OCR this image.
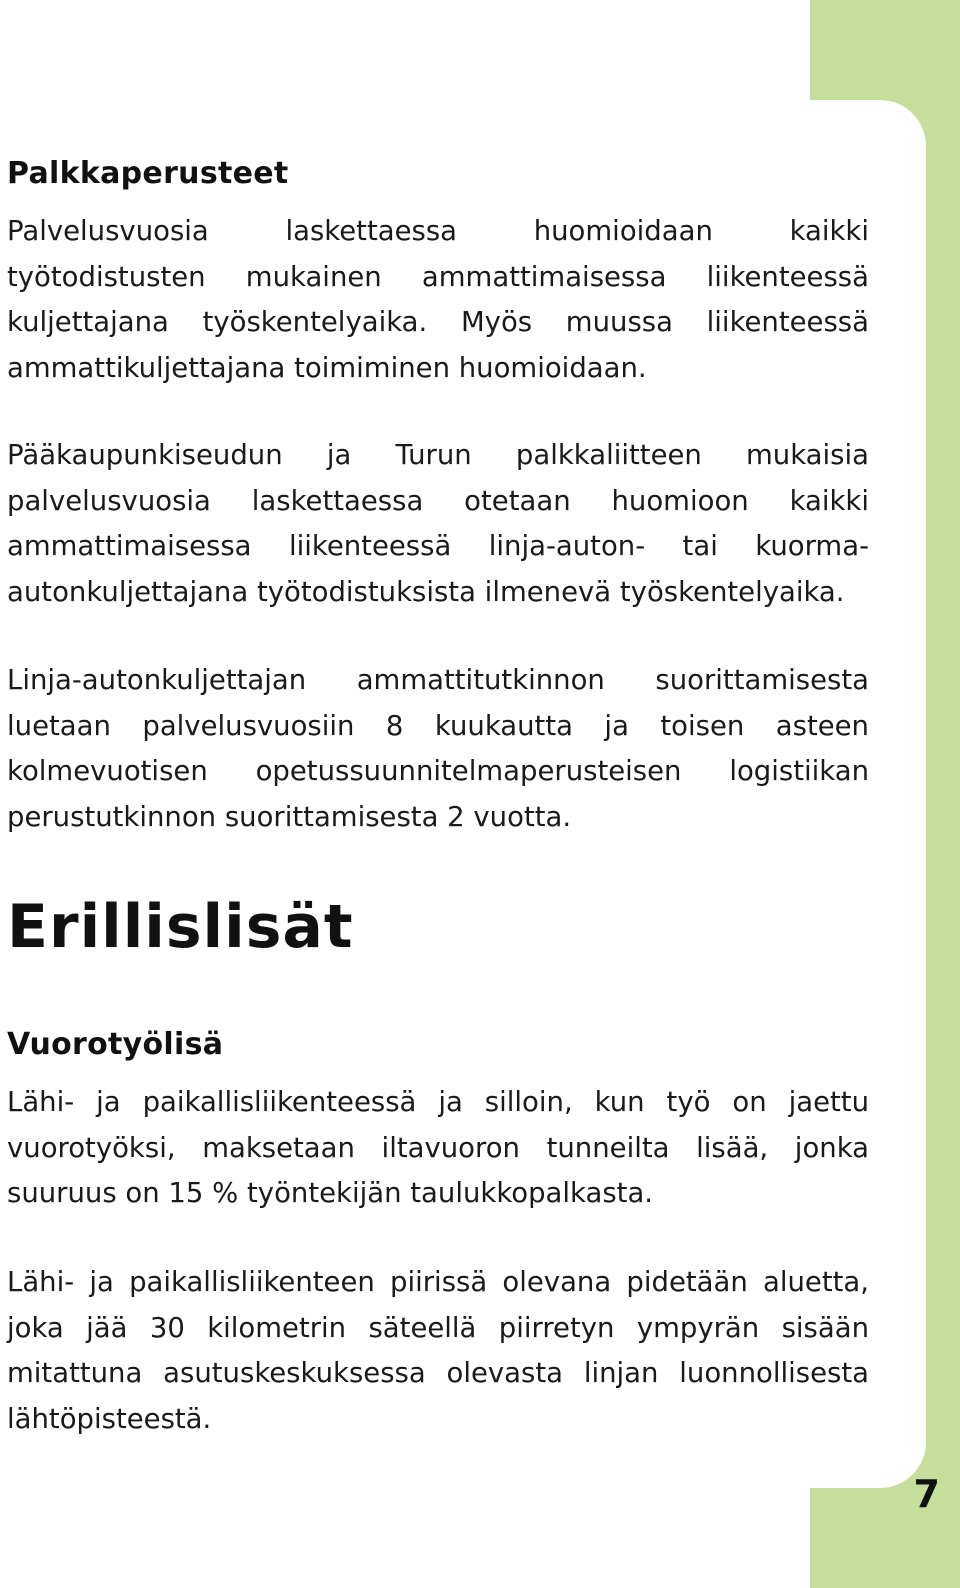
Palkkaperusteet

Palvelusvuosia laskettaessa huomioidaan kaikki työtodistusten mukainen ammattimaisessa liikenteessä kuljettajana työskentelyaika. Myös muussa liikenteessä ammattikuljettajana toimiminen huomioidaan.

Pääkaupunkiseudun ja Turun palkkaliitteen mukaisia palvelusvuosia laskettaessa otetaan huomioon kaikki ammattimaisessa liikenteessä linja-auton- tai kuorma-autonkuljettajana työtodistuksista ilmenevä työskentelyaika.

Linja-autonkuljettajan ammattitutkinnon suorittamisesta luetaan palvelusvuosiin 8 kuukautta ja toisen asteen kolmevuotisen opetussuunnitelmaperusteisen logistiikan perustutkinnon suorittamisesta 2 vuotta.

Erillislisät
Vuorotyölisä

Lähi- ja paikallisliikenteessä ja silloin, kun työ on jaettu vuorotyöksi, maksetaan iltavuoron tunneilta lisää, jonka suuruus on 15 % työntekijän taulukkopalkasta.

Lähi- ja paikallisliikenteen piirissä olevana pidetään aluetta, joka jää 30 kilometrin säteellä piirretyn ympyrän sisään mitattuna asutuskeskuksessa olevasta linjan luonnollisesta lähtöpisteestä.

7
